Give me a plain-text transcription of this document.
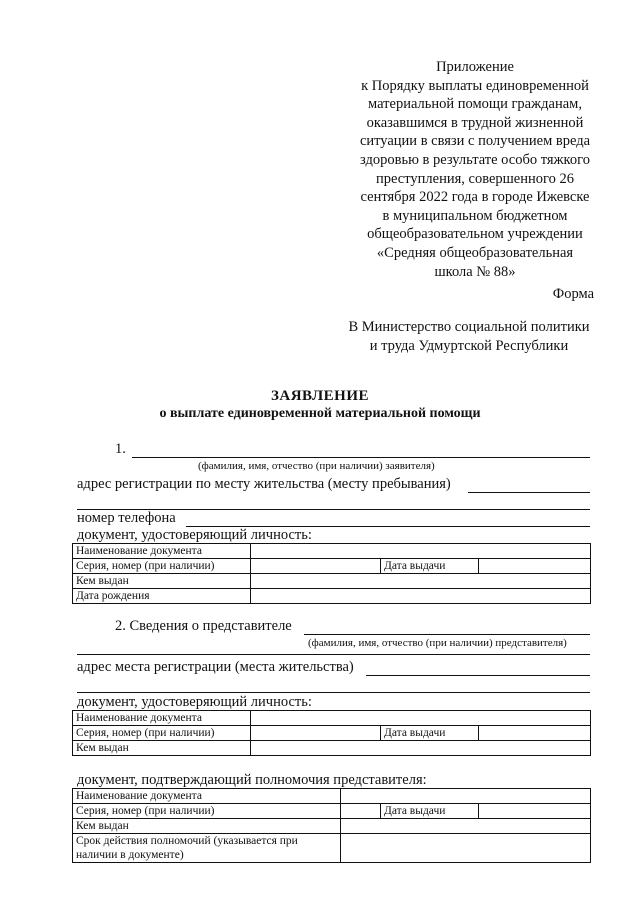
Приложение
к Порядку выплаты единовременной
материальной помощи гражданам,
оказавшимся в трудной жизненной
ситуации в связи с получением вреда
здоровью в результате особо тяжкого
преступления, совершенного 26
сентября 2022 года в городе Ижевске
в муниципальном бюджетном
общеобразовательном учреждении
«Средняя общеобразовательная
школа № 88»
Форма
В Министерство социальной политики
и труда Удмуртской Республики
ЗАЯВЛЕНИЕ
о выплате единовременной материальной помощи
1.
(фамилия, имя, отчество (при наличии) заявителя)
адрес регистрации по месту жительства (месту пребывания)
номер телефона
документ, удостоверяющий личность:
Наименование документа			
Серия, номер (при наличии)		Дата выдачи	
Кем выдан			
Дата рождения			
2. Сведения о представителе
(фамилия, имя, отчество (при наличии) представителя)
адрес места регистрации (места жительства)
документ, удостоверяющий личность:
Наименование документа			
Серия, номер (при наличии)		Дата выдачи	
Кем выдан			
документ, подтверждающий полномочия представителя:
Наименование документа			
Серия, номер (при наличии)		Дата выдачи	
Кем выдан			
Срок действия полномочий (указывается при наличии в документе)			
